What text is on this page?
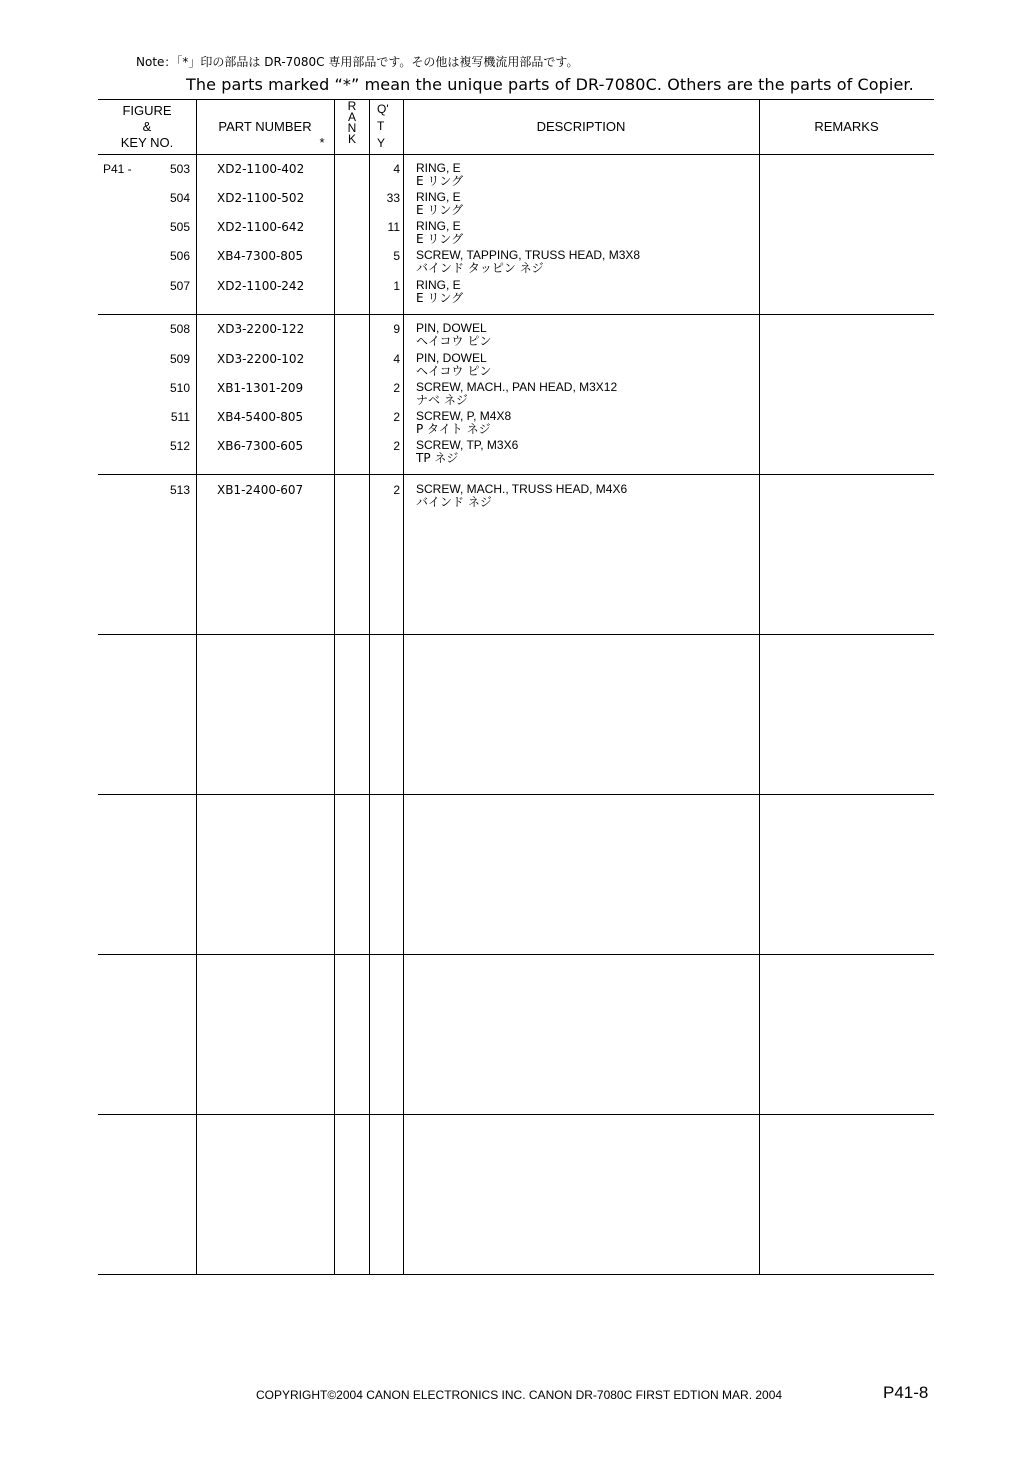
Note：「*」印の部品は DR-7080C 専用部品です。その他は複写機流用部品です。
The parts marked “*” mean the unique parts of DR-7080C. Others are the parts of Copier.
FIGURE
&
KEY NO.
PART NUMBER
*
R
A
N
K
Q'
T
Y
DESCRIPTION	REMARKS
P41 -	503 XD2-1100-402	4 RING, E
E リング
504 XD2-1100-502	33 RING, E
E リング
505 XD2-1100-642	11 RING, E
E リング
506 XB4-7300-805	5 SCREW, TAPPING, TRUSS HEAD, M3X8
バインド タッピン ネジ
507 XD2-1100-242	1 RING, E
E リング
508 XD3-2200-122	9 PIN, DOWEL
ヘイコウ ピン
509 XD3-2200-102	4 PIN, DOWEL
ヘイコウ ピン
510 XB1-1301-209	2 SCREW, MACH., PAN HEAD, M3X12
ナベ ネジ
511 XB4-5400-805	2 SCREW, P, M4X8
P タイト ネジ
512 XB6-7300-605	2 SCREW, TP, M3X6
TP ネジ
513 XB1-2400-607	2 SCREW, MACH., TRUSS HEAD, M4X6
バインド ネジ
COPYRIGHT©2004 CANON ELECTRONICS INC. CANON DR-7080C FIRST EDTION MAR. 2004	P41-8
